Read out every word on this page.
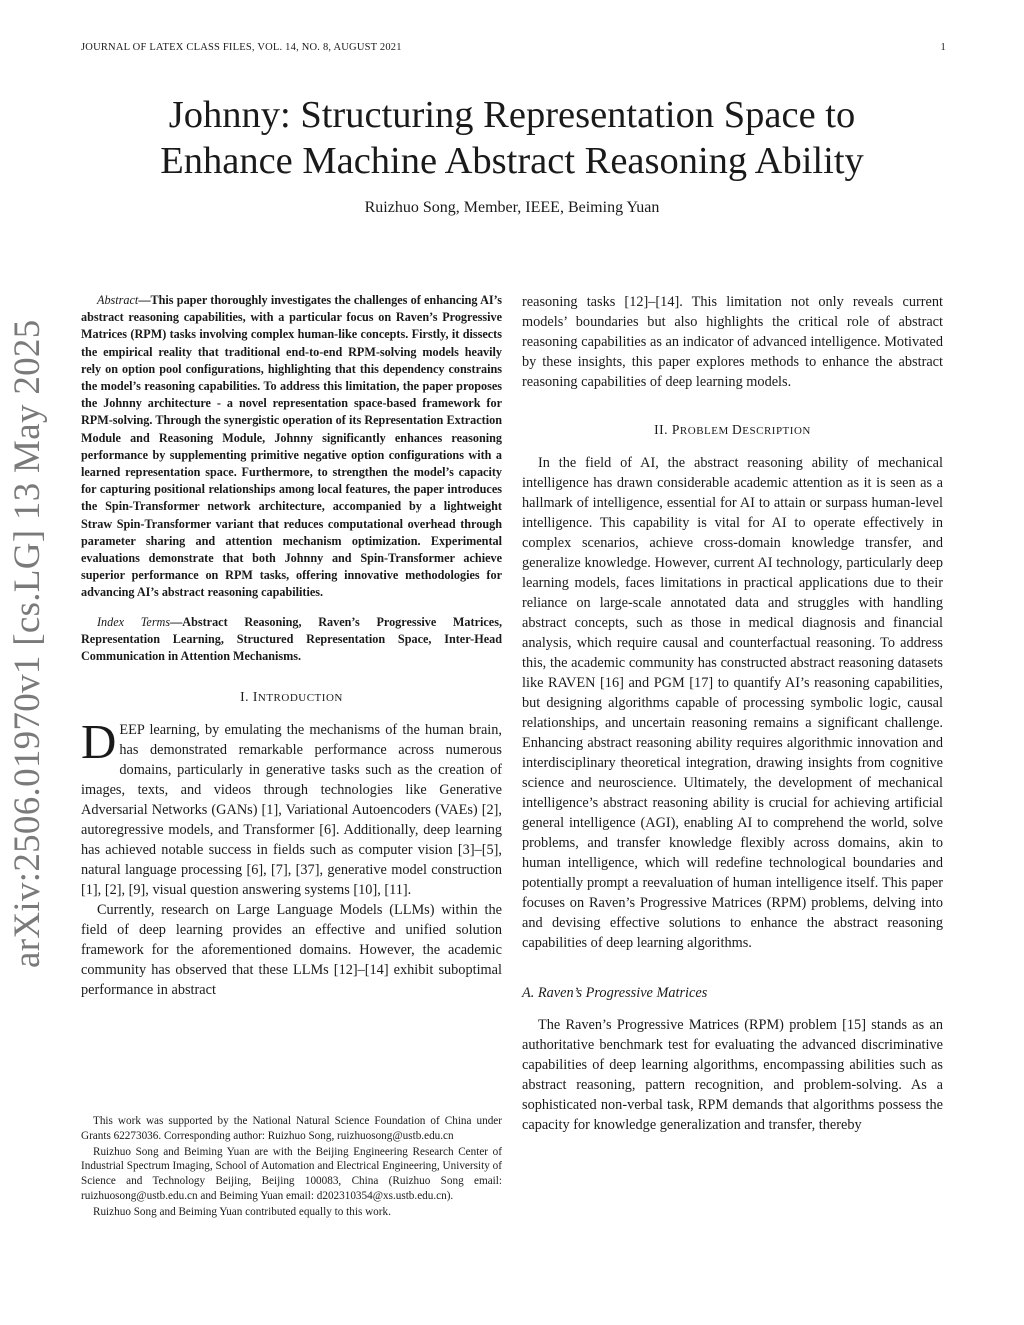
JOURNAL OF LATEX CLASS FILES, VOL. 14, NO. 8, AUGUST 2021	1
Johnny: Structuring Representation Space to
Enhance Machine Abstract Reasoning Ability
Ruizhuo Song, Member, IEEE, Beiming Yuan
arXiv:2506.01970v1 [cs.LG] 13 May 2025

Abstract—This paper thoroughly investigates the challenges of enhancing AI’s abstract reasoning capabilities, with a particular focus on Raven’s Progressive Matrices (RPM) tasks involving complex human-like concepts. Firstly, it dissects the empirical reality that traditional end-to-end RPM-solving models heavily rely on option pool configurations, highlighting that this dependency constrains the model’s reasoning capabilities. To address this limitation, the paper proposes the Johnny architecture - a novel representation space-based framework for RPM-solving. Through the synergistic operation of its Representation Extraction Module and Reasoning Module, Johnny significantly enhances reasoning performance by supplementing primitive negative option configurations with a learned representation space. Furthermore, to strengthen the model’s capacity for capturing positional relationships among local features, the paper introduces the Spin-Transformer network architecture, accompanied by a lightweight Straw Spin-Transformer variant that reduces computational overhead through parameter sharing and attention mechanism optimization. Experimental evaluations demonstrate that both Johnny and Spin-Transformer achieve superior performance on RPM tasks, offering innovative methodologies for advancing AI’s abstract reasoning capabilities.

Index Terms—Abstract Reasoning, Raven’s Progressive Matrices, Representation Learning, Structured Representation Space, Inter-Head Communication in Attention Mechanisms.

I. INTRODUCTION

DEEP learning, by emulating the mechanisms of the human brain, has demonstrated remarkable performance across numerous domains, particularly in generative tasks such as the creation of images, texts, and videos through technologies like Generative Adversarial Networks (GANs) [1], Variational Autoencoders (VAEs) [2], autoregressive models, and Transformer [6]. Additionally, deep learning has achieved notable success in fields such as computer vision [3]–[5], natural language processing [6], [7], [37], generative model construction [1], [2], [9], visual question answering systems [10], [11].

Currently, research on Large Language Models (LLMs) within the field of deep learning provides an effective and unified solution framework for the aforementioned domains. However, the academic community has observed that these LLMs [12]–[14] exhibit suboptimal performance in abstract

reasoning tasks [12]–[14]. This limitation not only reveals current models’ boundaries but also highlights the critical role of abstract reasoning capabilities as an indicator of advanced intelligence. Motivated by these insights, this paper explores methods to enhance the abstract reasoning capabilities of deep learning models.

II. PROBLEM DESCRIPTION

In the field of AI, the abstract reasoning ability of mechanical intelligence has drawn considerable academic attention as it is seen as a hallmark of intelligence, essential for AI to attain or surpass human-level intelligence. This capability is vital for AI to operate effectively in complex scenarios, achieve cross-domain knowledge transfer, and generalize knowledge. However, current AI technology, particularly deep learning models, faces limitations in practical applications due to their reliance on large-scale annotated data and struggles with handling abstract concepts, such as those in medical diagnosis and financial analysis, which require causal and counterfactual reasoning. To address this, the academic community has constructed abstract reasoning datasets like RAVEN [16] and PGM [17] to quantify AI’s reasoning capabilities, but designing algorithms capable of processing symbolic logic, causal relationships, and uncertain reasoning remains a significant challenge. Enhancing abstract reasoning ability requires algorithmic innovation and interdisciplinary theoretical integration, drawing insights from cognitive science and neuroscience. Ultimately, the development of mechanical intelligence’s abstract reasoning ability is crucial for achieving artificial general intelligence (AGI), enabling AI to comprehend the world, solve problems, and transfer knowledge flexibly across domains, akin to human intelligence, which will redefine technological boundaries and potentially prompt a reevaluation of human intelligence itself. This paper focuses on Raven’s Progressive Matrices (RPM) problems, delving into and devising effective solutions to enhance the abstract reasoning capabilities of deep learning algorithms.

A. Raven’s Progressive Matrices

The Raven’s Progressive Matrices (RPM) problem [15] stands as an authoritative benchmark test for evaluating the advanced discriminative capabilities of deep learning algorithms, encompassing abilities such as abstract reasoning, pattern recognition, and problem-solving. As a sophisticated non-verbal task, RPM demands that algorithms possess the capacity for knowledge generalization and transfer, thereby

This work was supported by the National Natural Science Foundation of China under Grants 62273036. Corresponding author: Ruizhuo Song, ruizhuosong@ustb.edu.cn

Ruizhuo Song and Beiming Yuan are with the Beijing Engineering Research Center of Industrial Spectrum Imaging, School of Automation and Electrical Engineering, University of Science and Technology Beijing, Beijing 100083, China (Ruizhuo Song email: ruizhuosong@ustb.edu.cn and Beiming Yuan email: d202310354@xs.ustb.edu.cn).

Ruizhuo Song and Beiming Yuan contributed equally to this work.
